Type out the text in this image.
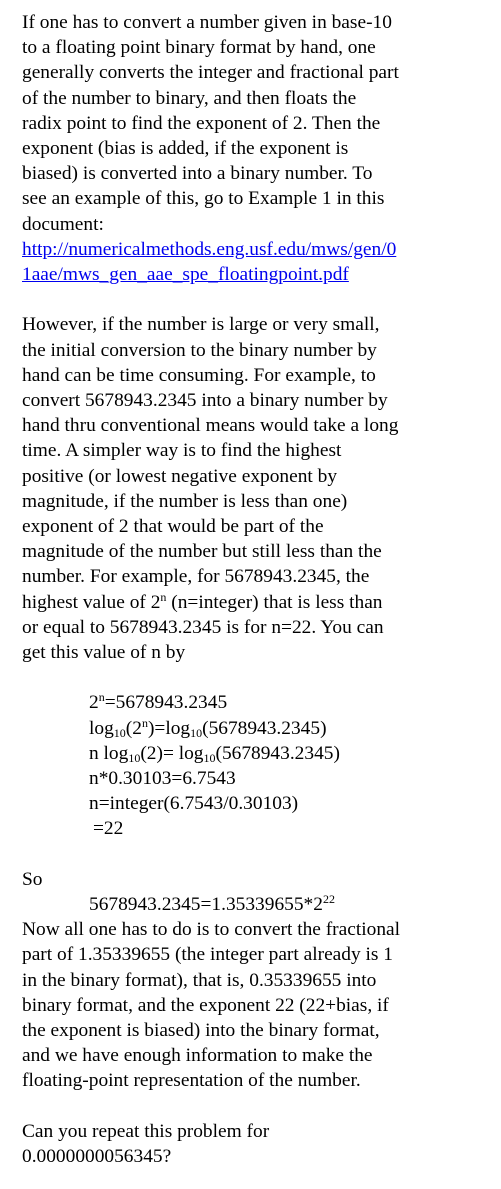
If one has to convert a number given in base-10
to a floating point binary format by hand, one
generally converts the integer and fractional part
of the number to binary, and then floats the
radix point to find the exponent of 2. Then the
exponent (bias is added, if the exponent is
biased) is converted into a binary number. To
see an example of this, go to Example 1 in this
document:
http://numericalmethods.eng.usf.edu/mws/gen/0
1aae/mws_gen_aae_spe_floatingpoint.pdf

However, if the number is large or very small,
the initial conversion to the binary number by
hand can be time consuming. For example, to
convert 5678943.2345 into a binary number by
hand thru conventional means would take a long
time. A simpler way is to find the highest
positive (or lowest negative exponent by
magnitude, if the number is less than one)
exponent of 2 that would be part of the
magnitude of the number but still less than the
number. For example, for 5678943.2345, the
highest value of 2$^n$ (n=integer) that is less than
or equal to 5678943.2345 is for n=22. You can
get this value of n by

$2^n=5678943.2345$
$\log_{10}(2^n)=\log_{10}(5678943.2345)$
n $\log_{10}(2)= \log_{10}(5678943.2345)$
n*0.30103=6.7543
n=integer(6.7543/0.30103)
=22

So
$5678943.2345=1.35339655*2^{22}$

Now all one has to do is to convert the fractional
part of 1.35339655 (the integer part already is 1
in the binary format), that is, 0.35339655 into
binary format, and the exponent 22 (22+bias, if
the exponent is biased) into the binary format,
and we have enough information to make the
floating-point representation of the number.

Can you repeat this problem for
0.0000000056345?
